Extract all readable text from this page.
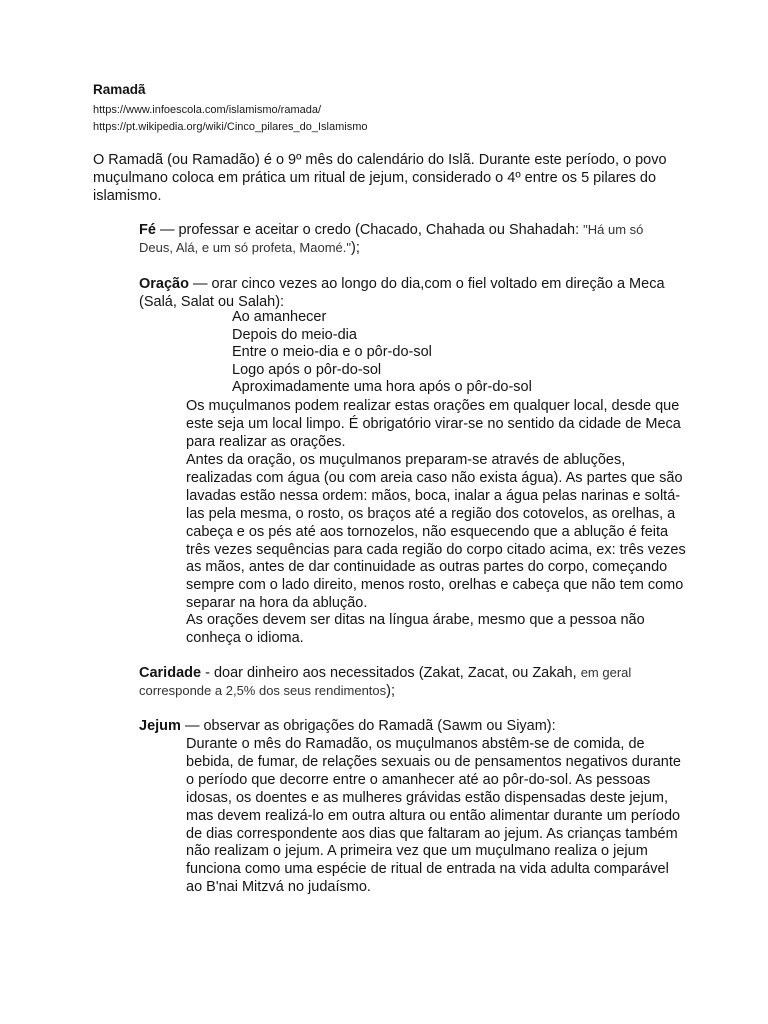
Ramadã
https://www.infoescola.com/islamismo/ramada/
https://pt.wikipedia.org/wiki/Cinco_pilares_do_Islamismo

O Ramadã (ou Ramadão) é o 9º mês do calendário do Islã. Durante este período, o povo muçulmano coloca em prática um ritual de jejum, considerado o 4º entre os 5 pilares do islamismo.

Fé — professar e aceitar o credo (Chacado, Chahada ou Shahadah: "Há um só Deus, Alá, e um só profeta, Maomé.");

Oração — orar cinco vezes ao longo do dia,com o fiel voltado em direção a Meca (Salá, Salat ou Salah):

Ao amanhecer
Depois do meio-dia
Entre o meio-dia e o pôr-do-sol
Logo após o pôr-do-sol
Aproximadamente uma hora após o pôr-do-sol

Os muçulmanos podem realizar estas orações em qualquer local, desde que este seja um local limpo. É obrigatório virar-se no sentido da cidade de Meca para realizar as orações.

Antes da oração, os muçulmanos preparam-se através de abluções, realizadas com água (ou com areia caso não exista água). As partes que são lavadas estão nessa ordem: mãos, boca, inalar a água pelas narinas e soltá-las pela mesma, o rosto, os braços até a região dos cotovelos, as orelhas, a cabeça e os pés até aos tornozelos, não esquecendo que a ablução é feita três vezes sequências para cada região do corpo citado acima, ex: três vezes as mãos, antes de dar continuidade as outras partes do corpo, começando sempre com o lado direito, menos rosto, orelhas e cabeça que não tem como separar na hora da ablução.

As orações devem ser ditas na língua árabe, mesmo que a pessoa não conheça o idioma.

Caridade - doar dinheiro aos necessitados (Zakat, Zacat, ou Zakah, em geral corresponde a 2,5% dos seus rendimentos);

Jejum — observar as obrigações do Ramadã (Sawm ou Siyam):

Durante o mês do Ramadão, os muçulmanos abstêm-se de comida, de bebida, de fumar, de relações sexuais ou de pensamentos negativos durante o período que decorre entre o amanhecer até ao pôr-do-sol. As pessoas idosas, os doentes e as mulheres grávidas estão dispensadas deste jejum, mas devem realizá-lo em outra altura ou então alimentar durante um período de dias correspondente aos dias que faltaram ao jejum. As crianças também não realizam o jejum. A primeira vez que um muçulmano realiza o jejum funciona como uma espécie de ritual de entrada na vida adulta comparável ao B'nai Mitzvá no judaísmo.
